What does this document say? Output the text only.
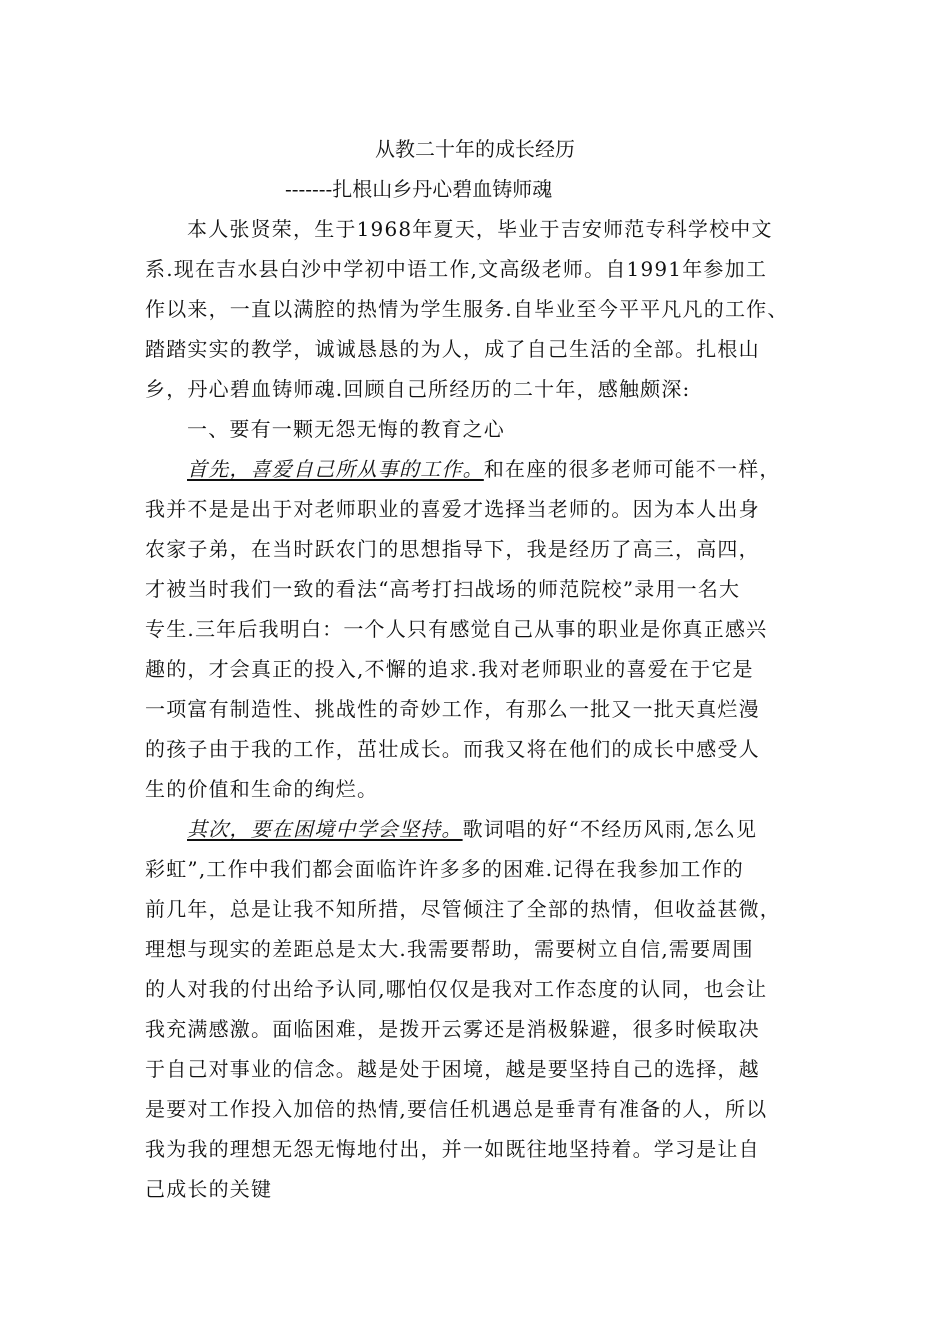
从教二十年的成长经历
-------扎根山乡丹心碧血铸师魂
本人张贤荣，生于1968年夏天，毕业于吉安师范专科学校中文
系.现在吉水县白沙中学初中语工作,文高级老师。自1991年参加工
作以来，一直以满腔的热情为学生服务.自毕业至今平平凡凡的工作、
踏踏实实的教学，诚诚恳恳的为人，成了自己生活的全部。扎根山
乡，丹心碧血铸师魂.回顾自己所经历的二十年，感触颇深:
一、要有一颗无怨无悔的教育之心
首先，喜爱自己所从事的工作。和在座的很多老师可能不一样，
我并不是是出于对老师职业的喜爱才选择当老师的。因为本人出身
农家子弟，在当时跃农门的思想指导下，我是经历了高三，高四，
才被当时我们一致的看法“高考打扫战场的师范院校”录用一名大
专生.三年后我明白：一个人只有感觉自己从事的职业是你真正感兴
趣的，才会真正的投入,不懈的追求.我对老师职业的喜爱在于它是
一项富有制造性、挑战性的奇妙工作，有那么一批又一批天真烂漫
的孩子由于我的工作，茁壮成长。而我又将在他们的成长中感受人
生的价值和生命的绚烂。
其次，要在困境中学会坚持。歌词唱的好“不经历风雨,怎么见
彩虹”,工作中我们都会面临许许多多的困难.记得在我参加工作的
前几年，总是让我不知所措，尽管倾注了全部的热情，但收益甚微，
理想与现实的差距总是太大.我需要帮助，需要树立自信,需要周围
的人对我的付出给予认同,哪怕仅仅是我对工作态度的认同，也会让
我充满感激。面临困难，是拨开云雾还是消极躲避，很多时候取决
于自己对事业的信念。越是处于困境，越是要坚持自己的选择，越
是要对工作投入加倍的热情,要信任机遇总是垂青有准备的人，所以
我为我的理想无怨无悔地付出，并一如既往地坚持着。学习是让自
己成长的关键
